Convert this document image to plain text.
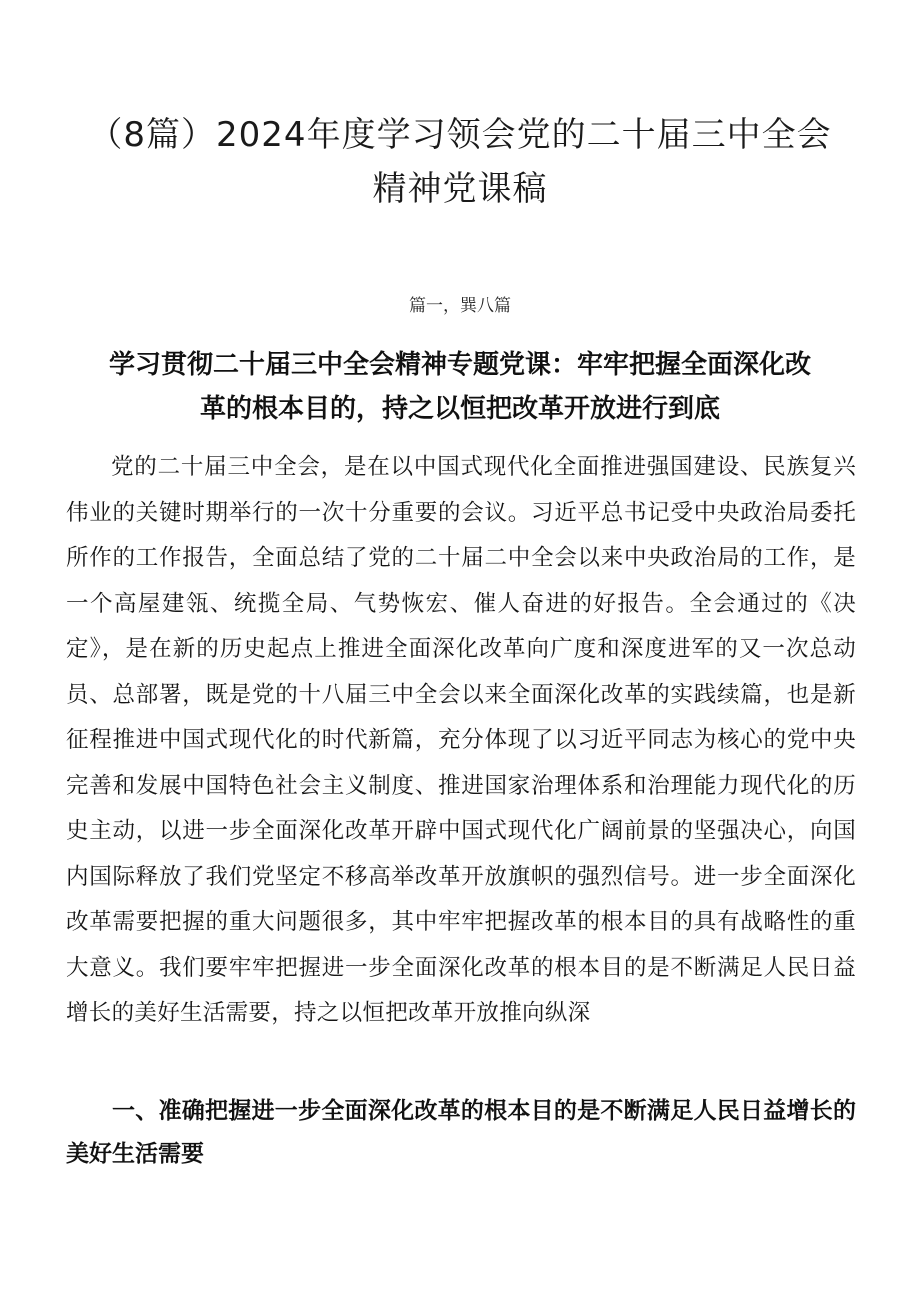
（8篇）2024年度学习领会党的二十届三中全会精神党课稿
篇一，巽八篇
学习贯彻二十届三中全会精神专题党课：牢牢把握全面深化改革的根本目的，持之以恒把改革开放进行到底

党的二十届三中全会，是在以中国式现代化全面推进强国建设、民族复兴伟业的关键时期举行的一次十分重要的会议。习近平总书记受中央政治局委托所作的工作报告，全面总结了党的二十届二中全会以来中央政治局的工作，是一个高屋建瓴、统揽全局、气势恢宏、催人奋进的好报告。全会通过的《决定》，是在新的历史起点上推进全面深化改革向广度和深度进军的又一次总动员、总部署，既是党的十八届三中全会以来全面深化改革的实践续篇，也是新征程推进中国式现代化的时代新篇，充分体现了以习近平同志为核心的党中央完善和发展中国特色社会主义制度、推进国家治理体系和治理能力现代化的历史主动，以进一步全面深化改革开辟中国式现代化广阔前景的坚强决心，向国内国际释放了我们党坚定不移高举改革开放旗帜的强烈信号。进一步全面深化改革需要把握的重大问题很多，其中牢牢把握改革的根本目的具有战略性的重大意义。我们要牢牢把握进一步全面深化改革的根本目的是不断满足人民日益增长的美好生活需要，持之以恒把改革开放推向纵深

一、准确把握进一步全面深化改革的根本目的是不断满足人民日益增长的美好生活需要
